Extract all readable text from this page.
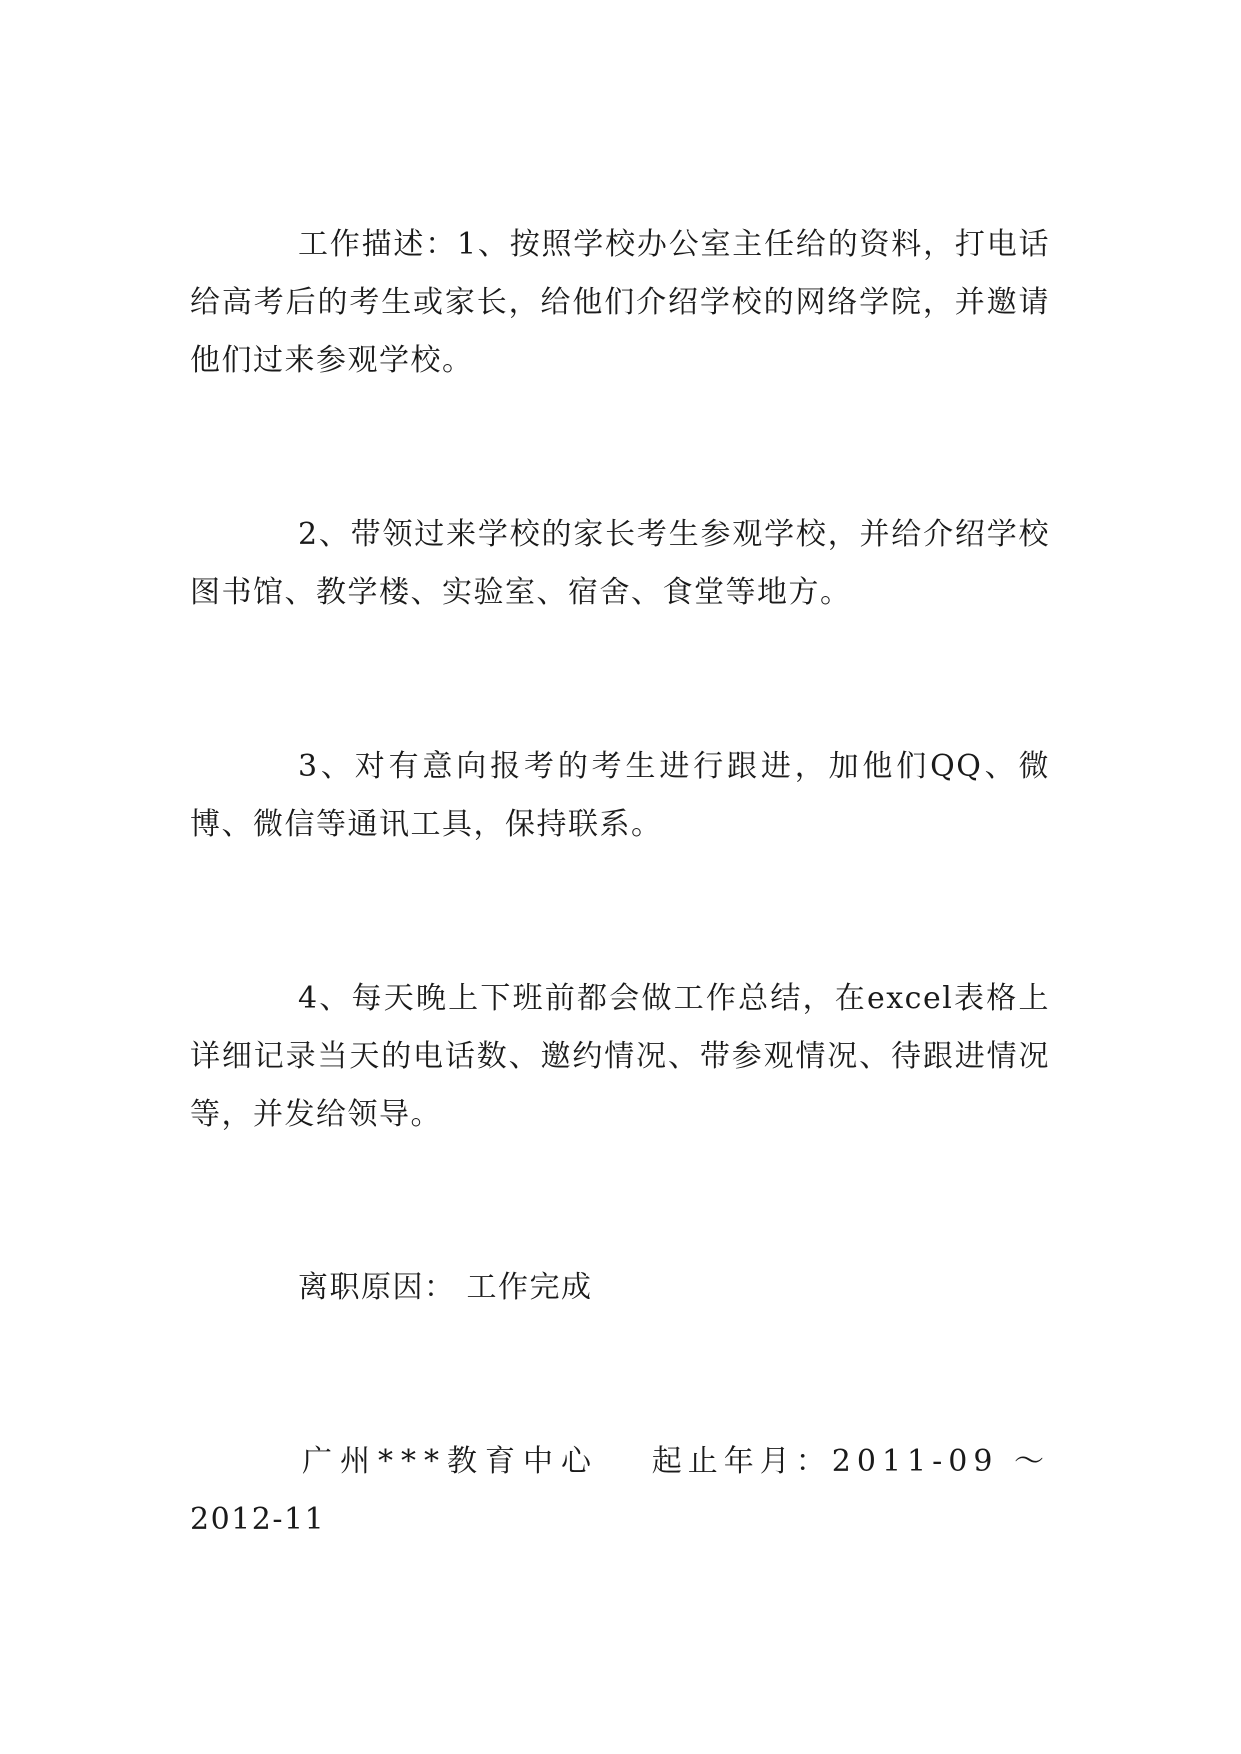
工作描述：1、按照学校办公室主任给的资料，打电话给高考后的考生或家长，给他们介绍学校的网络学院，并邀请他们过来参观学校。

2、带领过来学校的家长考生参观学校，并给介绍学校图书馆、教学楼、实验室、宿舍、食堂等地方。

3、对有意向报考的考生进行跟进，加他们QQ、微博、微信等通讯工具，保持联系。

4、每天晚上下班前都会做工作总结，在excel表格上详细记录当天的电话数、邀约情况、带参观情况、待跟进情况等，并发给领导。

离职原因： 工作完成

广州***教育中心 起止年月：2011-09 ～
2012-11
